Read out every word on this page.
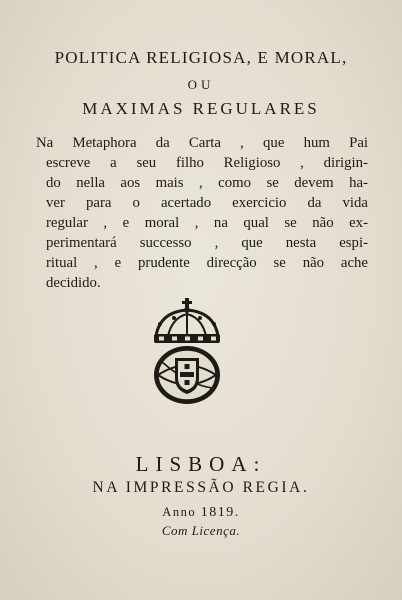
POLITICA RELIGIOSA, E MORAL,
OU
MAXIMAS REGULARES
Na Metaphora da Carta , que hum Pai
escreve a seu filho Religioso , dirigin-
do nella aos mais , como se devem ha-
ver para o acertado exercicio da vida
regular , e moral , na qual se não ex-
perimentará successo , que nesta espi-
ritual , e prudente direcção se não ache
decidido.
LISBOA:
NA IMPRESSÃO REGIA.
Anno 1819.
Com Licença.
